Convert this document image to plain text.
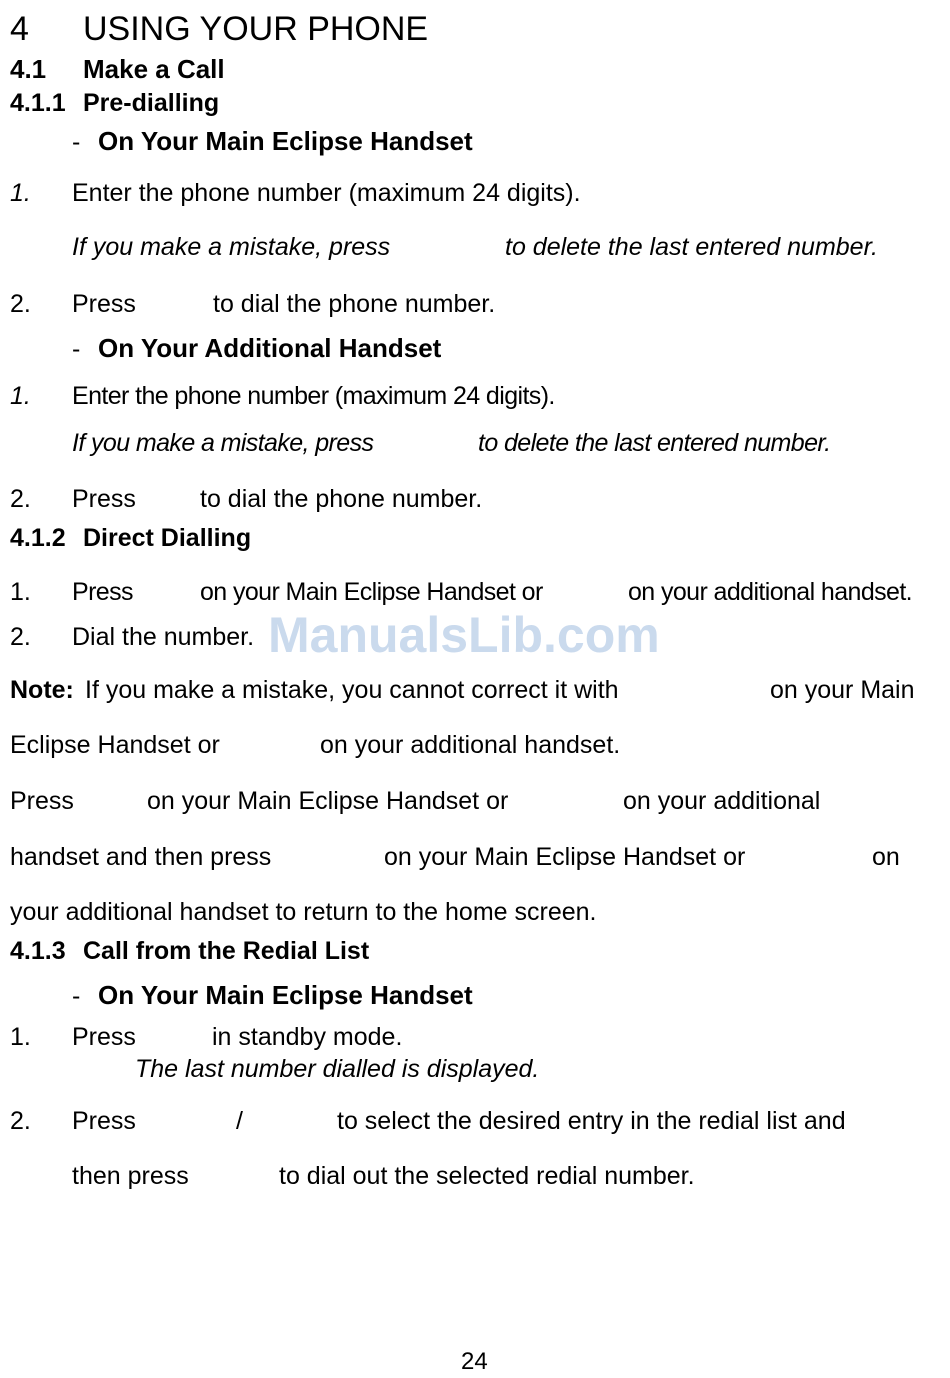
4 USING YOUR PHONE
4.1 Make a Call
4.1.1 Pre-dialling
- On Your Main Eclipse Handset
1. Enter the phone number (maximum 24 digits).
If you make a mistake, press	to delete the last entered number.
2. Press	to dial the phone number.
- On Your Additional Handset
1. Enter the phone number (maximum 24 digits).
If you make a mistake, press	to delete the last entered number.
2. Press	to dial the phone number.
4.1.2 Direct Dialling
1. Press	on your Main Eclipse Handset or	on your additional handset.
2. Dial the number.
Note: If you make a mistake, you cannot correct it with	on your Main
Eclipse Handset or	on your additional handset.
Press	on your Main Eclipse Handset or	on your additional
handset and then press	on your Main Eclipse Handset or	on
your additional handset to return to the home screen.
4.1.3 Call from the Redial List
- On Your Main Eclipse Handset
1. Press	in standby mode.
The last number dialled is displayed.
2. Press	/	to select the desired entry in the redial list and
then press	to dial out the selected redial number.
ManualsLib.com
24
